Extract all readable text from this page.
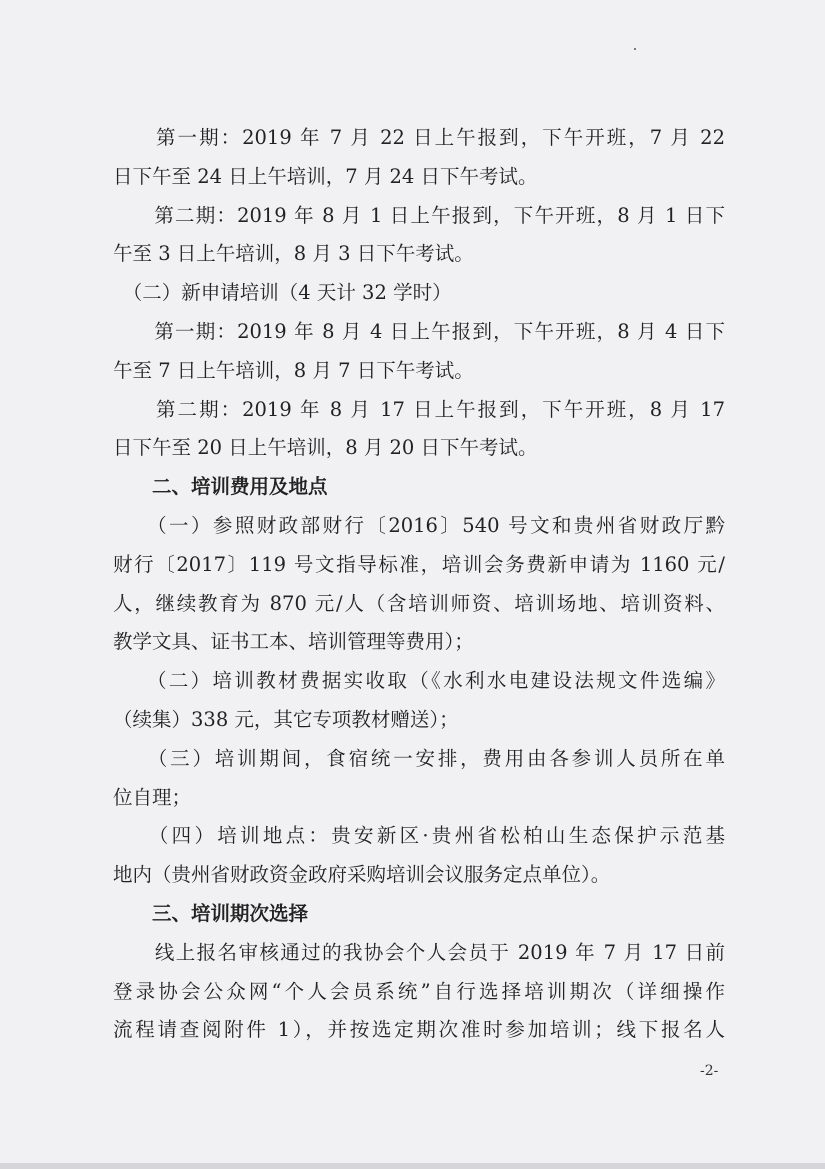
　　第一期：2019 年 7 月 22 日上午报到，下午开班，7 月 22
日下午至 24 日上午培训，7 月 24 日下午考试。
　　第二期：2019 年 8 月 1 日上午报到，下午开班，8 月 1 日下
午至 3 日上午培训，8 月 3 日下午考试。
　（二）新申请培训（4 天计 32 学时）
　　第一期：2019 年 8 月 4 日上午报到，下午开班，8 月 4 日下
午至 7 日上午培训，8 月 7 日下午考试。
　　第二期：2019 年 8 月 17 日上午报到，下午开班，8 月 17
日下午至 20 日上午培训，8 月 20 日下午考试。
　　二、培训费用及地点
　　（一）参照财政部财行〔2016〕540 号文和贵州省财政厅黔
财行〔2017〕119 号文指导标准，培训会务费新申请为 1160 元/
人，继续教育为 870 元/人（含培训师资、培训场地、培训资料、
教学文具、证书工本、培训管理等费用）；
　　（二）培训教材费据实收取（《水利水电建设法规文件选编》
（续集）338 元，其它专项教材赠送）；
　　（三）培训期间，食宿统一安排，费用由各参训人员所在单
位自理；
　　（四）培训地点：贵安新区·贵州省松柏山生态保护示范基
地内（贵州省财政资金政府采购培训会议服务定点单位）。
　　三、培训期次选择
　　线上报名审核通过的我协会个人会员于 2019 年 7 月 17 日前
登录协会公众网“个人会员系统”自行选择培训期次（详细操作
流程请查阅附件 1），并按选定期次准时参加培训；线下报名人
-2-
